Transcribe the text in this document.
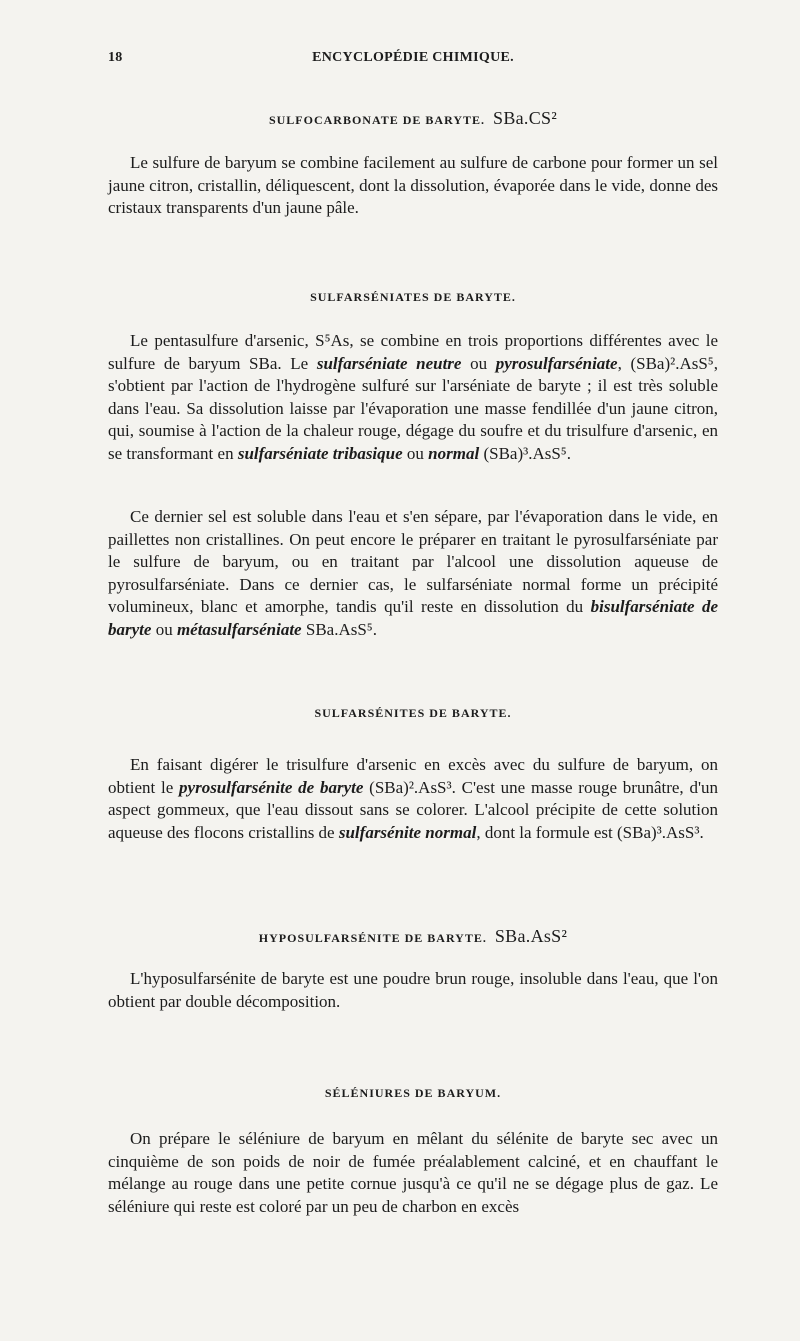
18	ENCYCLOPÉDIE CHIMIQUE.
SULFOCARBONATE DE BARYTE. SBa.CS²

Le sulfure de baryum se combine facilement au sulfure de carbone pour former un sel jaune citron, cristallin, déliquescent, dont la dissolution, évaporée dans le vide, donne des cristaux transparents d'un jaune pâle.

SULFARSÉNIATES DE BARYTE.

Le pentasulfure d'arsenic, S⁵As, se combine en trois proportions différentes avec le sulfure de baryum SBa. Le sulfarséniate neutre ou pyrosulfarséniate, (SBa)².AsS⁵, s'obtient par l'action de l'hydrogène sulfuré sur l'arséniate de baryte ; il est très soluble dans l'eau. Sa dissolution laisse par l'évaporation une masse fendillée d'un jaune citron, qui, soumise à l'action de la chaleur rouge, dégage du soufre et du trisulfure d'arsenic, en se transformant en sulfarséniate tribasique ou normal (SBa)³.AsS⁵.

Ce dernier sel est soluble dans l'eau et s'en sépare, par l'évaporation dans le vide, en paillettes non cristallines. On peut encore le préparer en traitant le pyrosulfarséniate par le sulfure de baryum, ou en traitant par l'alcool une dissolution aqueuse de pyrosulfarséniate. Dans ce dernier cas, le sulfarséniate normal forme un précipité volumineux, blanc et amorphe, tandis qu'il reste en dissolution du bisulfarséniate de baryte ou métasulfarséniate SBa.AsS⁵.

SULFARSÉNITES DE BARYTE.

En faisant digérer le trisulfure d'arsenic en excès avec du sulfure de baryum, on obtient le pyrosulfarsénite de baryte (SBa)².AsS³. C'est une masse rouge brunâtre, d'un aspect gommeux, que l'eau dissout sans se colorer. L'alcool précipite de cette solution aqueuse des flocons cristallins de sulfarsénite normal, dont la formule est (SBa)³.AsS³.

HYPOSULFARSÉNITE DE BARYTE. SBa.AsS²

L'hyposulfarsénite de baryte est une poudre brun rouge, insoluble dans l'eau, que l'on obtient par double décomposition.

SÉLÉNIURES DE BARYUM.

On prépare le séléniure de baryum en mêlant du sélénite de baryte sec avec un cinquième de son poids de noir de fumée préalablement calciné, et en chauffant le mélange au rouge dans une petite cornue jusqu'à ce qu'il ne se dégage plus de gaz. Le séléniure qui reste est coloré par un peu de charbon en excès
